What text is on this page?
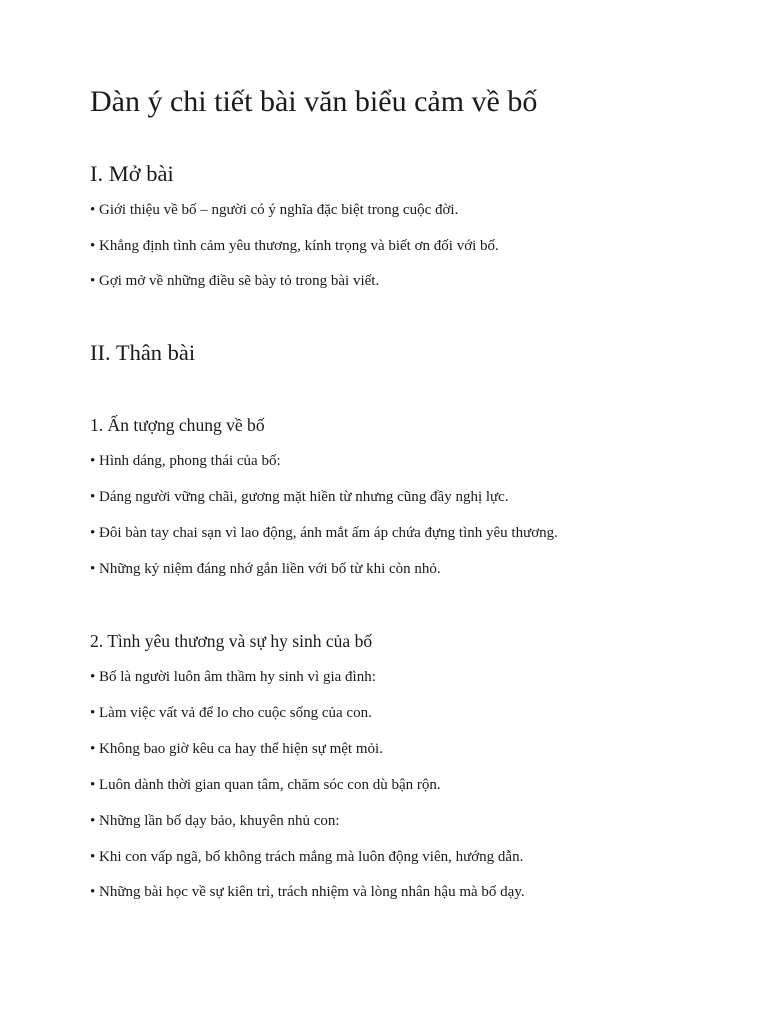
Dàn ý chi tiết bài văn biểu cảm về bố
I. Mở bài

• Giới thiệu về bố – người có ý nghĩa đặc biệt trong cuộc đời.

• Khẳng định tình cảm yêu thương, kính trọng và biết ơn đối với bố.

• Gợi mở về những điều sẽ bày tỏ trong bài viết.

II. Thân bài
1. Ấn tượng chung về bố

• Hình dáng, phong thái của bố:

• Dáng người vững chãi, gương mặt hiền từ nhưng cũng đầy nghị lực.

• Đôi bàn tay chai sạn vì lao động, ánh mắt ấm áp chứa đựng tình yêu thương.

• Những kỷ niệm đáng nhớ gắn liền với bố từ khi còn nhỏ.

2. Tình yêu thương và sự hy sinh của bố

• Bố là người luôn âm thầm hy sinh vì gia đình:

• Làm việc vất vả để lo cho cuộc sống của con.

• Không bao giờ kêu ca hay thể hiện sự mệt mỏi.

• Luôn dành thời gian quan tâm, chăm sóc con dù bận rộn.

• Những lần bố dạy bảo, khuyên nhủ con:

• Khi con vấp ngã, bố không trách mắng mà luôn động viên, hướng dẫn.

• Những bài học về sự kiên trì, trách nhiệm và lòng nhân hậu mà bố dạy.
